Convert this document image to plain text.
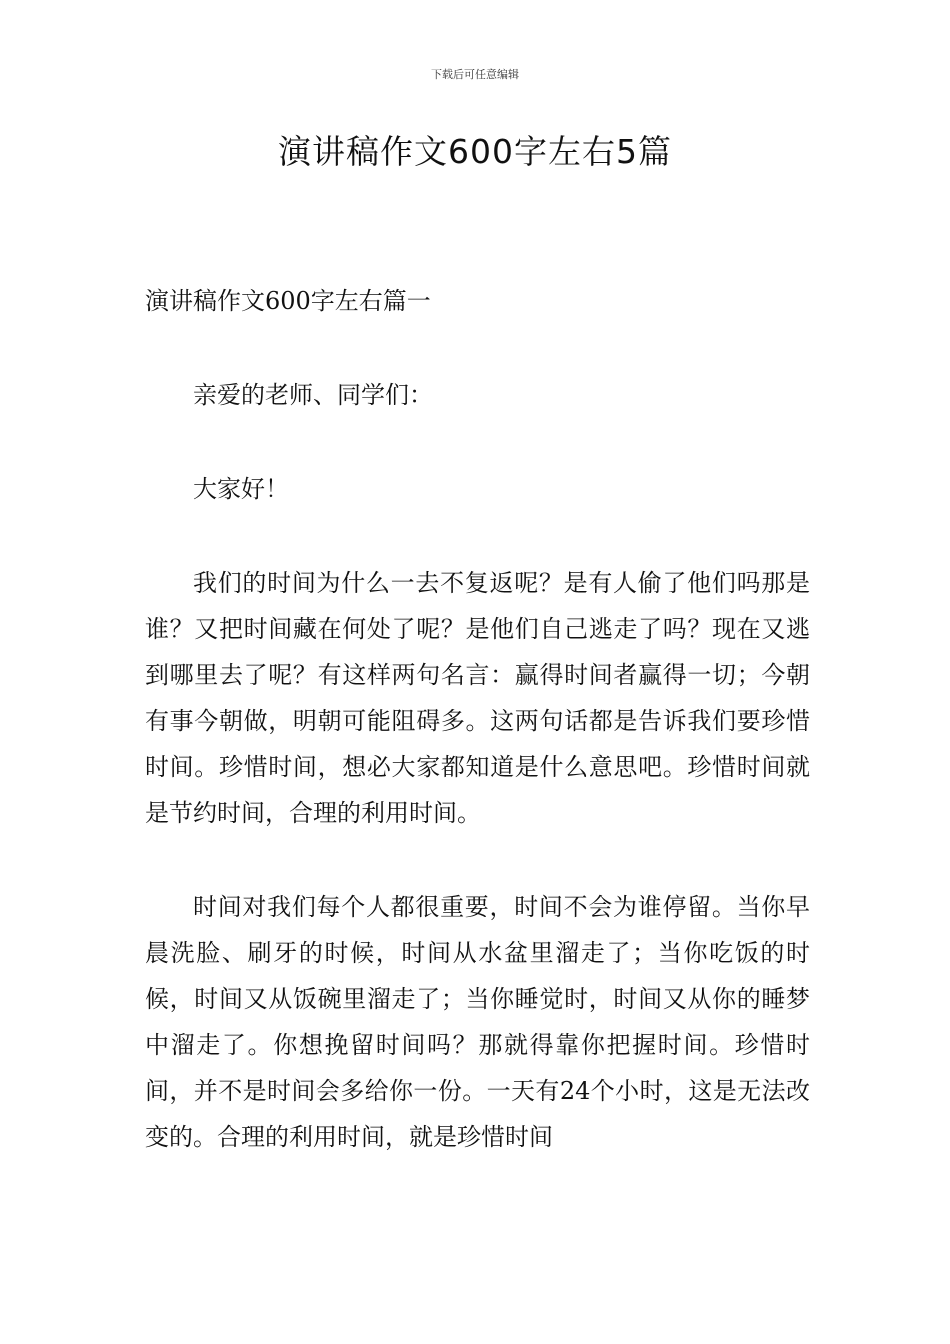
下载后可任意编辑
演讲稿作文600字左右5篇

演讲稿作文600字左右篇一

亲爱的老师、同学们：

大家好！

我们的时间为什么一去不复返呢？是有人偷了他们吗那是谁？又把时间藏在何处了呢？是他们自己逃走了吗？现在又逃到哪里去了呢？有这样两句名言：赢得时间者赢得一切；今朝有事今朝做，明朝可能阻碍多。这两句话都是告诉我们要珍惜时间。珍惜时间，想必大家都知道是什么意思吧。珍惜时间就是节约时间，合理的利用时间。

时间对我们每个人都很重要，时间不会为谁停留。当你早晨洗脸、刷牙的时候，时间从水盆里溜走了；当你吃饭的时候，时间又从饭碗里溜走了；当你睡觉时，时间又从你的睡梦中溜走了。你想挽留时间吗？那就得靠你把握时间。珍惜时间，并不是时间会多给你一份。一天有24个小时，这是无法改变的。合理的利用时间，就是珍惜时间
